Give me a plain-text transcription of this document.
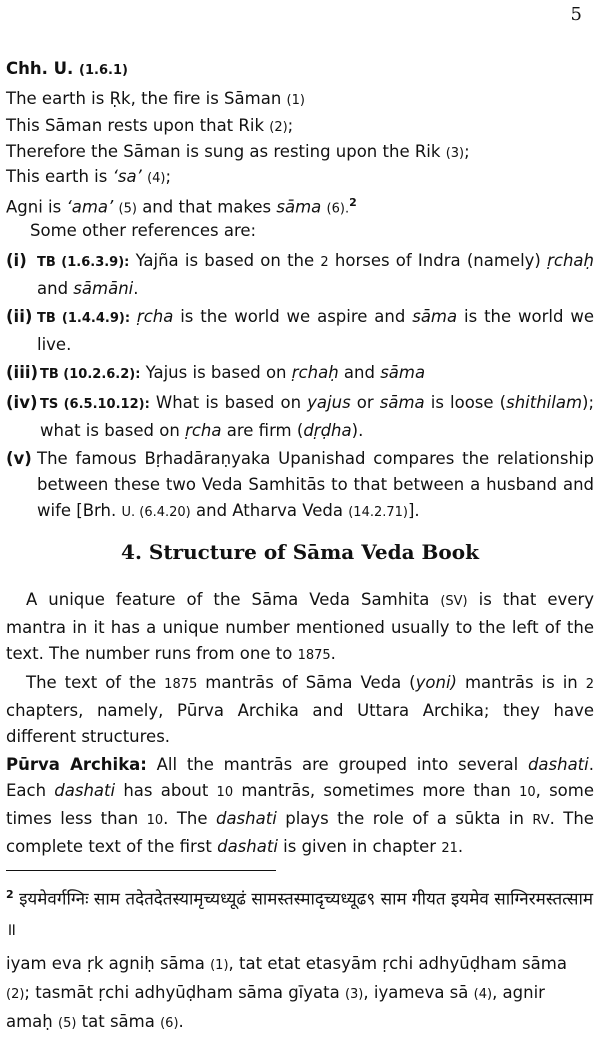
5
Chh. U. (1.6.1)
The earth is Ṛk, the fire is Sāman (1)
This Sāman rests upon that Rik (2);
Therefore the Sāman is sung as resting upon the Rik (3);
This earth is ‘sa’ (4);
Agni is ‘ama’ (5) and that makes sāma (6).$^2$
Some other references are:
(i) TB (1.6.3.9): Yajña is based on the 2 horses of Indra (namely) ṛchaḥ and sāmāni.
(ii) TB (1.4.4.9): ṛcha is the world we aspire and sāma is the world we live.
(iii) TB (10.2.6.2): Yajus is based on ṛchaḥ and sāma
(iv) TS (6.5.10.12): What is based on yajus or sāma is loose (shithilam); what is based on ṛcha are firm (dṛḍha).
(v) The famous Bṛhadāraṇyaka Upanishad compares the relationship between these two Veda Samhitās to that between a husband and wife [Brh. U. (6.4.20) and Atharva Veda (14.2.71)].
4. Structure of Sāma Veda Book
A unique feature of the Sāma Veda Samhita (SV) is that every mantra in it has a unique number mentioned usually to the left of the text. The number runs from one to 1875.
The text of the 1875 mantrās of Sāma Veda (yoni) mantrās is in 2 chapters, namely, Pūrva Archika and Uttara Archika; they have different structures.
Pūrva Archika: All the mantrās are grouped into several dashati. Each dashati has about 10 mantrās, sometimes more than 10, some times less than 10. The dashati plays the role of a sūkta in RV. The complete text of the first dashati is given in chapter 21.
$^2$ इयमेवर्गग्निः साम तदेतदेतस्यामृच्यध्यूढं सामस्तस्मादृच्यध्यूढ९ साम गीयत इयमेव साग्निरमस्तत्साम ॥
iyam eva ṛk agniḥ sāma (1), tat etat etasyām ṛchi adhyūḍham sāma (2); tasmāt ṛchi adhyūḍham sāma gīyata (3), iyameva sā (4), agnir amaḥ (5) tat sāma (6).
